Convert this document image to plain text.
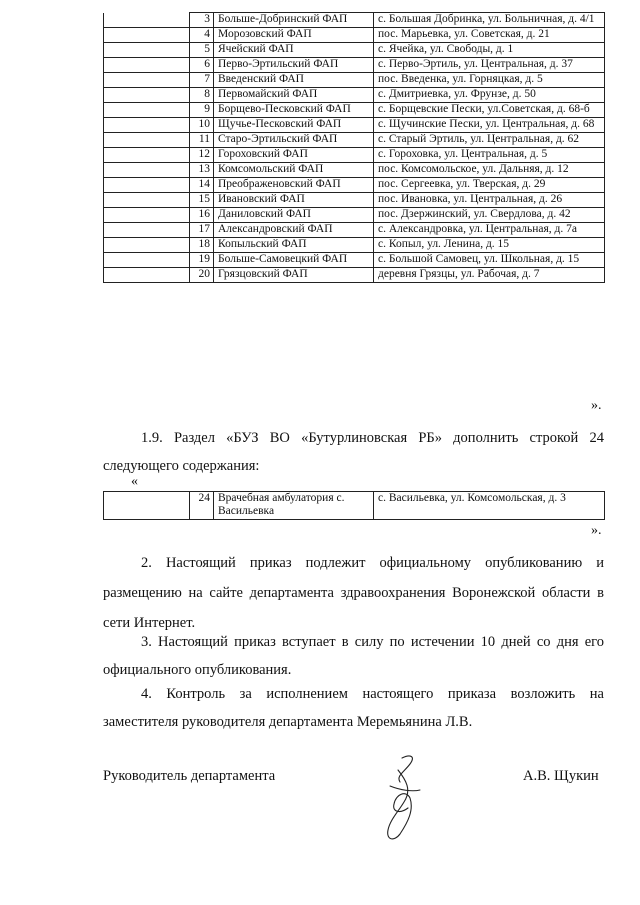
	3	Больше-Добринский ФАП	с. Большая Добринка, ул. Больничная, д. 4/1
	4	Морозовский ФАП	пос. Марьевка, ул. Советская, д. 21
	5	Ячейский ФАП	с. Ячейка, ул. Свободы, д. 1
	6	Перво-Эртильский ФАП	с. Перво-Эртиль, ул. Центральная, д. 37
	7	Введенский ФАП	пос. Введенка, ул. Горняцкая, д. 5
	8	Первомайский ФАП	с. Дмитриевка, ул. Фрунзе, д. 50
	9	Борщево-Песковский ФАП	с. Борщевские Пески, ул.Советская, д. 68-б
	10	Щучье-Песковский ФАП	с. Щучинские Пески, ул. Центральная, д. 68
	11	Старо-Эртильский ФАП	с. Старый Эртиль, ул. Центральная, д. 62
	12	Гороховский ФАП	с. Гороховка, ул. Центральная, д. 5
	13	Комсомольский ФАП	пос. Комсомольское, ул. Дальняя, д. 12
	14	Преображеновский ФАП	пос. Сергеевка, ул. Тверская, д. 29
	15	Ивановский ФАП	пос. Ивановка, ул. Центральная, д. 26
	16	Даниловский ФАП	пос. Дзержинский, ул. Свердлова, д. 42
	17	Александровский ФАП	с. Александровка, ул. Центральная, д. 7а
	18	Копыльский ФАП	с. Копыл, ул. Ленина, д. 15
	19	Больше-Самовецкий ФАП	с. Большой Самовец, ул. Школьная, д. 15
	20	Грязцовский ФАП	деревня Грязцы, ул. Рабочая, д. 7
».
1.9. Раздел «БУЗ ВО «Бутурлиновская РБ» дополнить строкой 24 следующего содержания:
«
	24	Врачебная амбулатория с. Васильевка	с. Васильевка, ул. Комсомольская, д. 3
».
2. Настоящий приказ подлежит официальному опубликованию и размещению на сайте департамента здравоохранения Воронежской области в сети Интернет.
3. Настоящий приказ вступает в силу по истечении 10 дней со дня его официального опубликования.
4. Контроль за исполнением настоящего приказа возложить на заместителя руководителя департамента Меремьянина Л.В.
Руководитель департамента	А.В. Щукин
